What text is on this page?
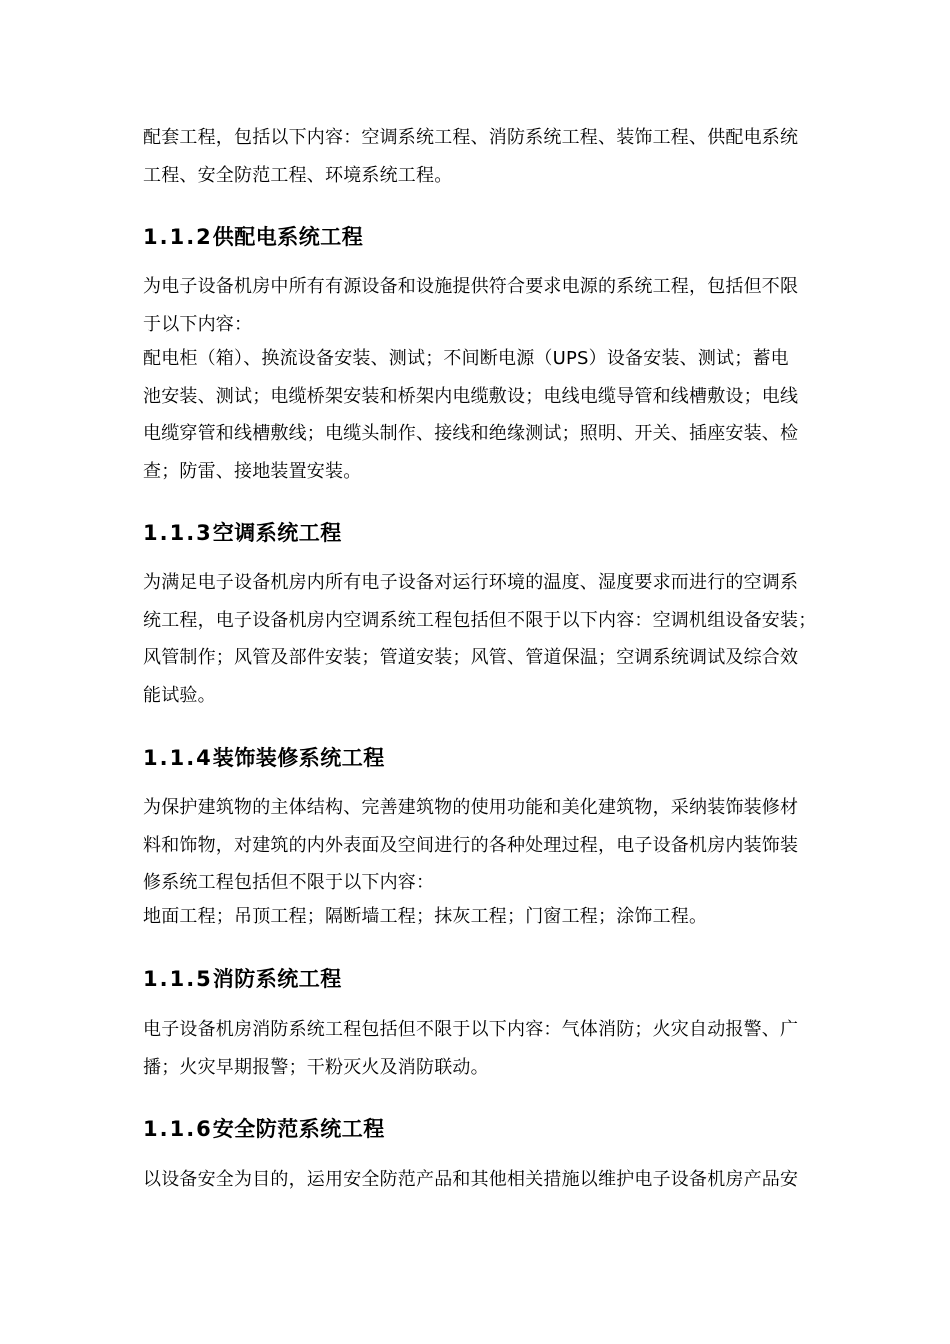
配套工程，包括以下内容：空调系统工程、消防系统工程、装饰工程、供配电系统
工程、安全防范工程、环境系统工程。

1.1.2供配电系统工程

为电子设备机房中所有有源设备和设施提供符合要求电源的系统工程，包括但不限
于以下内容：

配电柜（箱）、换流设备安装、测试；不间断电源（UPS）设备安装、测试；蓄电
池安装、测试；电缆桥架安装和桥架内电缆敷设；电线电缆导管和线槽敷设；电线
电缆穿管和线槽敷线；电缆头制作、接线和绝缘测试；照明、开关、插座安装、检
查；防雷、接地装置安装。

1.1.3空调系统工程

为满足电子设备机房内所有电子设备对运行环境的温度、湿度要求而进行的空调系
统工程，电子设备机房内空调系统工程包括但不限于以下内容：空调机组设备安装；
风管制作；风管及部件安装；管道安装；风管、管道保温；空调系统调试及综合效
能试验。

1.1.4装饰装修系统工程

为保护建筑物的主体结构、完善建筑物的使用功能和美化建筑物，采纳装饰装修材
料和饰物，对建筑的内外表面及空间进行的各种处理过程，电子设备机房内装饰装
修系统工程包括但不限于以下内容：

地面工程；吊顶工程；隔断墙工程；抹灰工程；门窗工程；涂饰工程。

1.1.5消防系统工程

电子设备机房消防系统工程包括但不限于以下内容：气体消防；火灾自动报警、广
播；火灾早期报警；干粉灭火及消防联动。

1.1.6安全防范系统工程

以设备安全为目的，运用安全防范产品和其他相关措施以维护电子设备机房产品安
